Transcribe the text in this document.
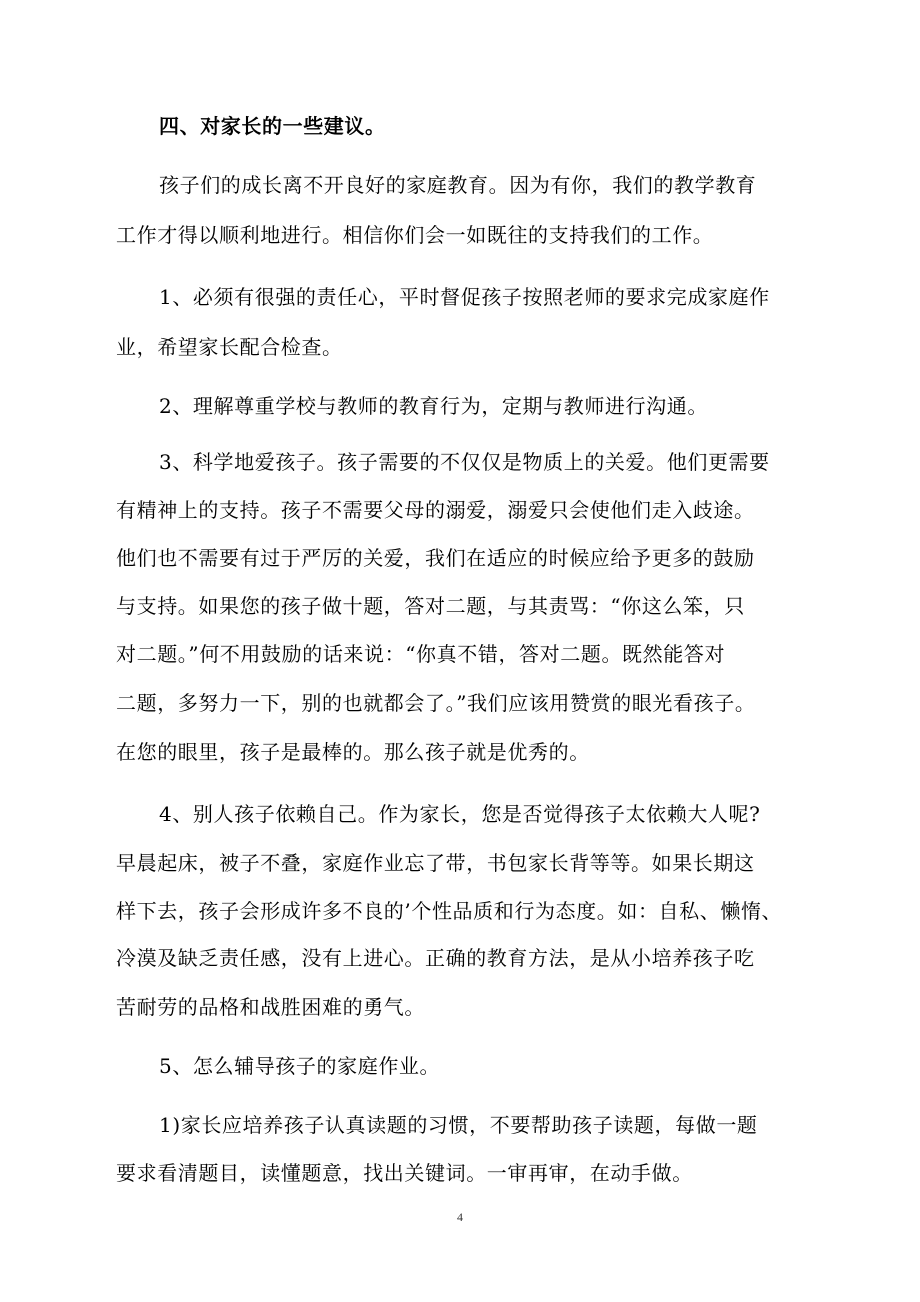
四、对家长的一些建议。
孩子们的成长离不开良好的家庭教育。因为有你，我们的教学教育
工作才得以顺利地进行。相信你们会一如既往的支持我们的工作。
1、必须有很强的责任心，平时督促孩子按照老师的要求完成家庭作
业，希望家长配合检查。
2、理解尊重学校与教师的教育行为，定期与教师进行沟通。
3、科学地爱孩子。孩子需要的不仅仅是物质上的关爱。他们更需要
有精神上的支持。孩子不需要父母的溺爱，溺爱只会使他们走入歧途。
他们也不需要有过于严厉的关爱，我们在适应的时候应给予更多的鼓励
与支持。如果您的孩子做十题，答对二题，与其责骂：“你这么笨，只
对二题。”何不用鼓励的话来说：“你真不错，答对二题。既然能答对
二题，多努力一下，别的也就都会了。”我们应该用赞赏的眼光看孩子。
在您的眼里，孩子是最棒的。那么孩子就是优秀的。
4、别人孩子依赖自己。作为家长，您是否觉得孩子太依赖大人呢?
早晨起床，被子不叠，家庭作业忘了带，书包家长背等等。如果长期这
样下去，孩子会形成许多不良的’个性品质和行为态度。如：自私、懒惰、
冷漠及缺乏责任感，没有上进心。正确的教育方法，是从小培养孩子吃
苦耐劳的品格和战胜困难的勇气。
5、怎么辅导孩子的家庭作业。
1)家长应培养孩子认真读题的习惯，不要帮助孩子读题，每做一题
要求看清题目，读懂题意，找出关键词。一审再审，在动手做。
4
